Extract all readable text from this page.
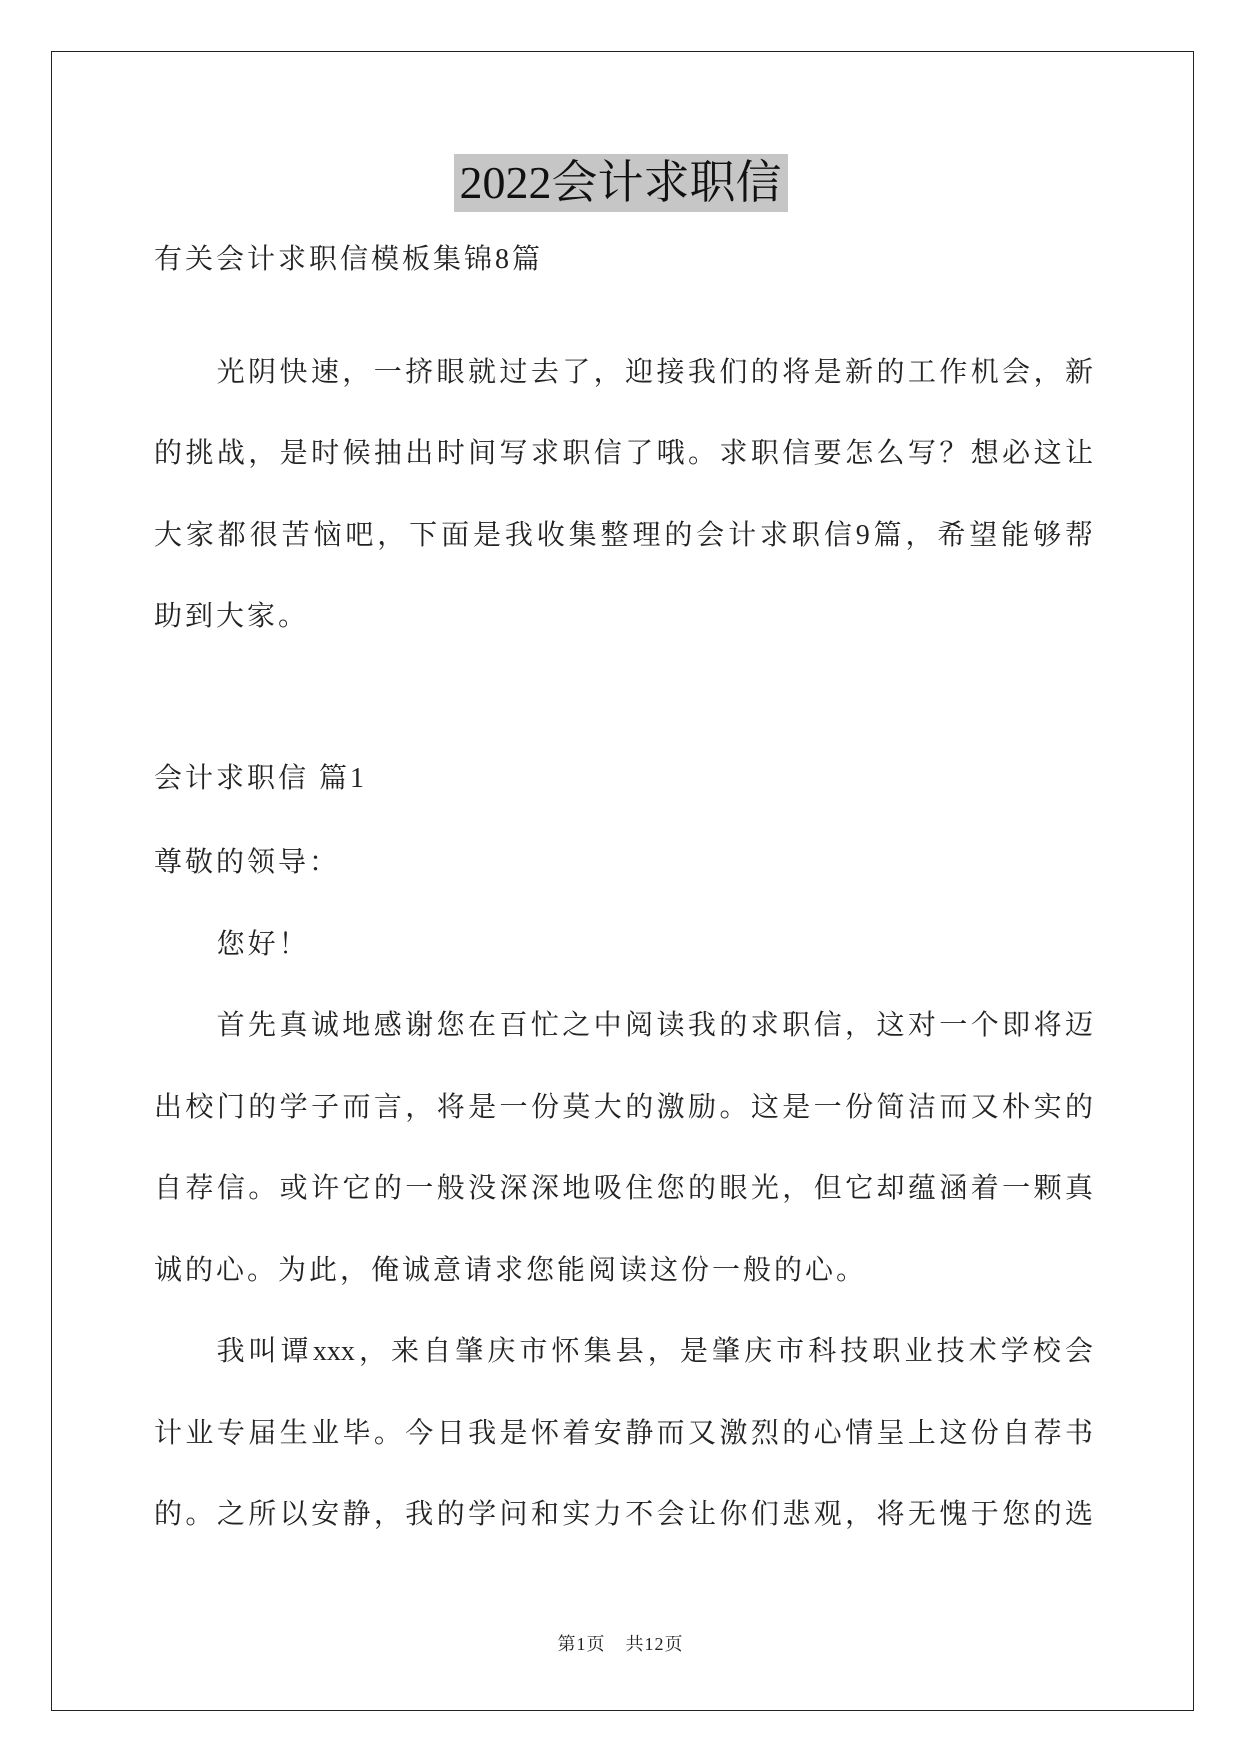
2022会计求职信
有关会计求职信模板集锦8篇
光阴快速，一挤眼就过去了，迎接我们的将是新的工作机会，新
的挑战，是时候抽出时间写求职信了哦。求职信要怎么写？想必这让
大家都很苦恼吧，下面是我收集整理的会计求职信9篇，希望能够帮
助到大家。
会计求职信 篇1
尊敬的领导：
您好！
首先真诚地感谢您在百忙之中阅读我的求职信，这对一个即将迈
出校门的学子而言，将是一份莫大的激励。这是一份简洁而又朴实的
自荐信。或许它的一般没深深地吸住您的眼光，但它却蕴涵着一颗真
诚的心。为此，俺诚意请求您能阅读这份一般的心。
我叫谭xxx，来自肇庆市怀集县，是肇庆市科技职业技术学校会
计业专届生业毕。今日我是怀着安静而又激烈的心情呈上这份自荐书
的。之所以安静，我的学问和实力不会让你们悲观，将无愧于您的选
第1页 共12页
